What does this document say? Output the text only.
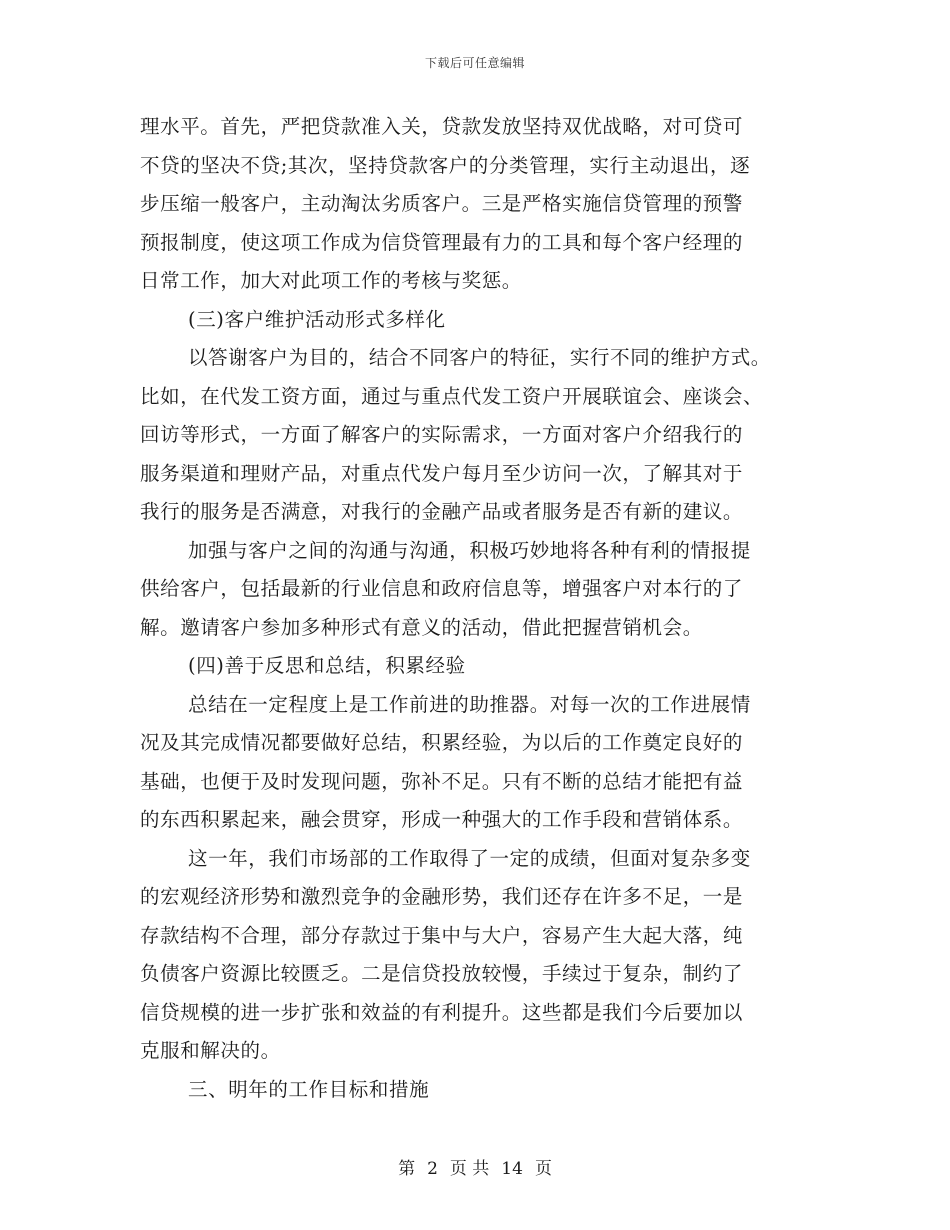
下载后可任意编辑
理水平。首先，严把贷款准入关，贷款发放坚持双优战略，对可贷可
不贷的坚决不贷;其次，坚持贷款客户的分类管理，实行主动退出，逐
步压缩一般客户，主动淘汰劣质客户。三是严格实施信贷管理的预警
预报制度，使这项工作成为信贷管理最有力的工具和每个客户经理的
日常工作，加大对此项工作的考核与奖惩。
(三)客户维护活动形式多样化
以答谢客户为目的，结合不同客户的特征，实行不同的维护方式。
比如，在代发工资方面，通过与重点代发工资户开展联谊会、座谈会、
回访等形式，一方面了解客户的实际需求，一方面对客户介绍我行的
服务渠道和理财产品，对重点代发户每月至少访问一次，了解其对于
我行的服务是否满意，对我行的金融产品或者服务是否有新的建议。
加强与客户之间的沟通与沟通，积极巧妙地将各种有利的情报提
供给客户，包括最新的行业信息和政府信息等，增强客户对本行的了
解。邀请客户参加多种形式有意义的活动，借此把握营销机会。
(四)善于反思和总结，积累经验
总结在一定程度上是工作前进的助推器。对每一次的工作进展情
况及其完成情况都要做好总结，积累经验，为以后的工作奠定良好的
基础，也便于及时发现问题，弥补不足。只有不断的总结才能把有益
的东西积累起来，融会贯穿，形成一种强大的工作手段和营销体系。
这一年，我们市场部的工作取得了一定的成绩，但面对复杂多变
的宏观经济形势和激烈竞争的金融形势，我们还存在许多不足，一是
存款结构不合理，部分存款过于集中与大户，容易产生大起大落，纯
负债客户资源比较匮乏。二是信贷投放较慢，手续过于复杂，制约了
信贷规模的进一步扩张和效益的有利提升。这些都是我们今后要加以
克服和解决的。
三、明年的工作目标和措施
第 2 页 共 14 页
